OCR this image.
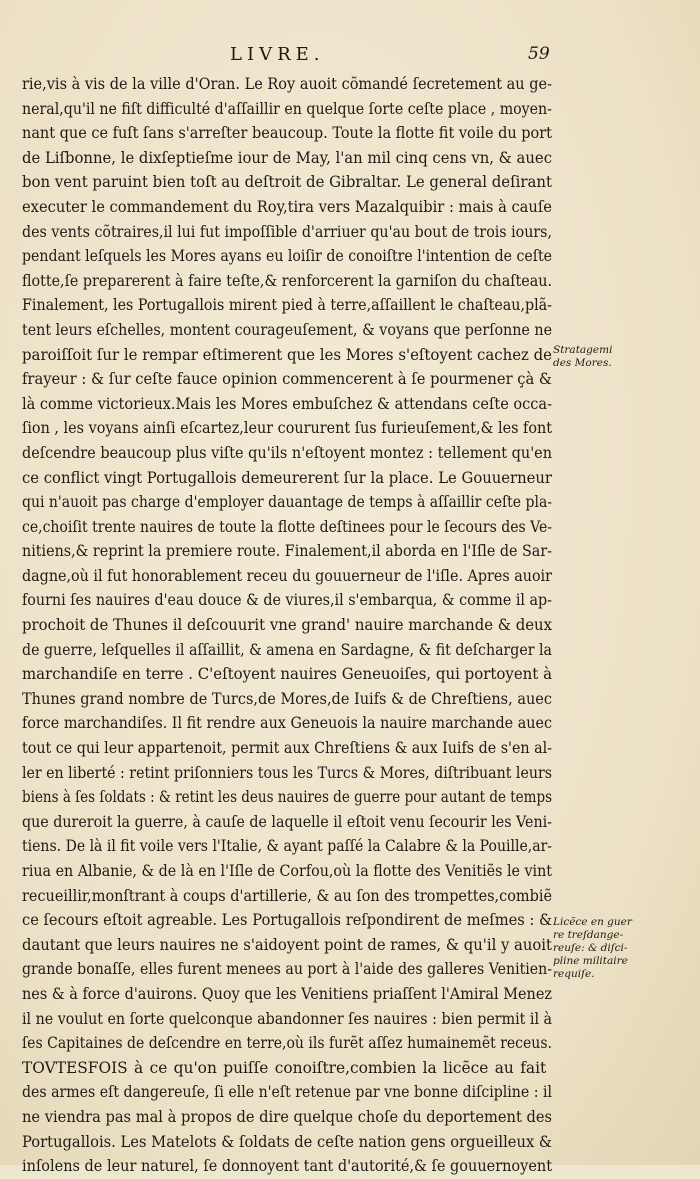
LIVRE.	59
rie,vis à vis de la ville d'Oran. Le Roy auoit cõmandé ſecretement au ge-
neral,qu'il ne fiſt difficulté d'aſſaillir en quelque ſorte ceſte place , moyen-
nant que ce fuſt ſans s'arreſter beaucoup. Toute la flotte fit voile du port
de Liſbonne, le dixſeptieſme iour de May, l'an mil cinq cens vn, & auec
bon vent paruint bien toſt au deſtroit de Gibraltar. Le general deſirant
executer le commandement du Roy,tira vers Mazalquibir : mais à cauſe
des vents cõtraires,il lui fut impoſſible d'arriuer qu'au bout de trois iours,
pendant leſquels les Mores ayans eu loiſir de conoiſtre l'intention de ceſte
flotte,ſe preparerent à faire teſte,& renforcerent la garniſon du chaſteau.
Finalement, les Portugallois mirent pied à terre,aſſaillent le chaſteau,plã-
tent leurs eſchelles, montent courageuſement, & voyans que perſonne ne
paroiſſoit ſur le rempar eſtimerent que les Mores s'eſtoyent cachez de
frayeur : & ſur ceſte fauce opinion commencerent à ſe pourmener çà &
là comme victorieux.Mais les Mores embuſchez & attendans ceſte occa-
ſion , les voyans ainſi eſcartez,leur coururent ſus furieuſement,& les font
deſcendre beaucoup plus viſte qu'ils n'eſtoyent montez : tellement qu'en
ce conflict vingt Portugallois demeurerent ſur la place. Le Gouuerneur
qui n'auoit pas charge d'employer dauantage de temps à aſſaillir ceſte pla-
ce,choiſit trente nauires de toute la flotte deſtinees pour le ſecours des Ve-
nitiens,& reprint la premiere route. Finalement,il aborda en l'Iſle de Sar-
dagne,où il fut honorablement receu du gouuerneur de l'iſle. Apres auoir
fourni ſes nauires d'eau douce & de viures,il s'embarqua, & comme il ap-
prochoit de Thunes il deſcouurit vne grand' nauire marchande & deux
de guerre, leſquelles il aſſaillit, & amena en Sardagne, & fit deſcharger la
marchandiſe en terre . C'eſtoyent nauires Geneuoiſes, qui portoyent à
Thunes grand nombre de Turcs,de Mores,de Iuifs & de Chreſtiens, auec
force marchandiſes. Il fit rendre aux Geneuois la nauire marchande auec
tout ce qui leur appartenoit, permit aux Chreſtiens & aux Iuifs de s'en al-
ler en liberté : retint priſonniers tous les Turcs & Mores, diſtribuant leurs
biens à ſes ſoldats : & retint les deus nauires de guerre pour autant de temps
que dureroit la guerre, à cauſe de laquelle il eſtoit venu ſecourir les Veni-
tiens. De là il fit voile vers l'Italie, & ayant paſſé la Calabre & la Pouille,ar-
riua en Albanie, & de là en l'Iſle de Corfou,où la flotte des Venitiẽs le vint
recueillir,monſtrant à coups d'artillerie, & au ſon des trompettes,combiẽ
ce ſecours eſtoit agreable. Les Portugallois reſpondirent de meſmes : &
dautant que leurs nauires ne s'aidoyent point de rames, & qu'il y auoit
grande bonaſſe, elles furent menees au port à l'aide des galleres Venitien-
nes & à force d'auirons. Quoy que les Venitiens priaſſent l'Amiral Menez
il ne voulut en ſorte quelconque abandonner ſes nauires : bien permit il à
ſes Capitaines de deſcendre en terre,où ils furẽt aſſez humainemẽt receus.
TOVTESFOIS à ce qu'on puiſſe conoiſtre,combien la licẽce au fait
des armes eſt dangereuſe, ſi elle n'eſt retenue par vne bonne diſcipline : il
ne viendra pas mal à propos de dire quelque choſe du deportement des
Portugallois. Les Matelots & ſoldats de ceſte nation gens orgueilleux &
inſolens de leur naturel, ſe donnoyent tant d'autorité,& ſe gouuernoyent
Stratagemi
des Mores.
Licẽce en guer
re treſdange-
reuſe: & diſci-
pline militaire
requiſe.
